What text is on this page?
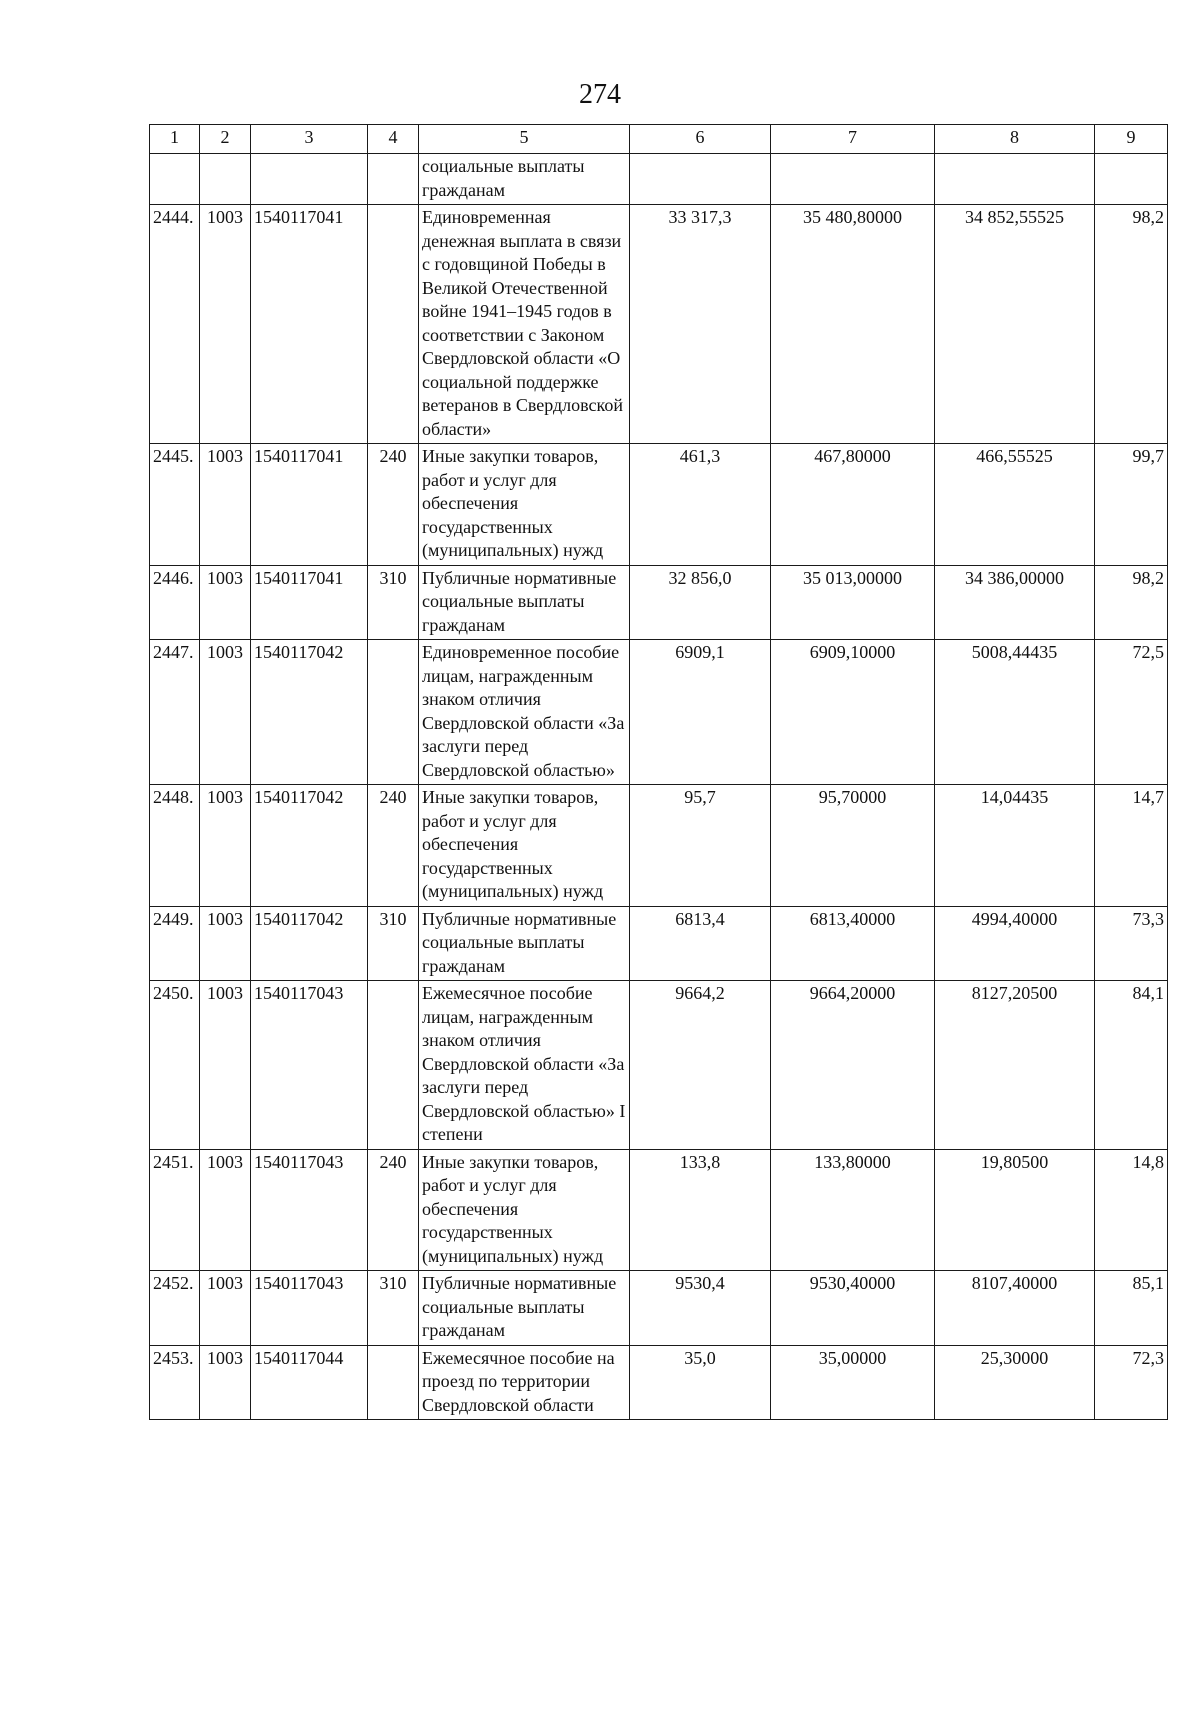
274
1	2	3	4	5	6	7	8	9
				социальные выплаты гражданам				
2444.	1003	1540117041		Единовременная денежная выплата в связи с годовщиной Победы в Великой Отечественной войне 1941–1945 годов в соответствии с Законом Свердловской области «О социальной поддержке ветеранов в Свердловской области»	33 317,3	35 480,80000	34 852,55525	98,2
2445.	1003	1540117041	240	Иные закупки товаров, работ и услуг для обеспечения государственных (муниципальных) нужд	461,3	467,80000	466,55525	99,7
2446.	1003	1540117041	310	Публичные нормативные социальные выплаты гражданам	32 856,0	35 013,00000	34 386,00000	98,2
2447.	1003	1540117042		Единовременное пособие лицам, награжденным знаком отличия Свердловской области «За заслуги перед Свердловской областью»	6909,1	6909,10000	5008,44435	72,5
2448.	1003	1540117042	240	Иные закупки товаров, работ и услуг для обеспечения государственных (муниципальных) нужд	95,7	95,70000	14,04435	14,7
2449.	1003	1540117042	310	Публичные нормативные социальные выплаты гражданам	6813,4	6813,40000	4994,40000	73,3
2450.	1003	1540117043		Ежемесячное пособие лицам, награжденным знаком отличия Свердловской области «За заслуги перед Свердловской областью» I степени	9664,2	9664,20000	8127,20500	84,1
2451.	1003	1540117043	240	Иные закупки товаров, работ и услуг для обеспечения государственных (муниципальных) нужд	133,8	133,80000	19,80500	14,8
2452.	1003	1540117043	310	Публичные нормативные социальные выплаты гражданам	9530,4	9530,40000	8107,40000	85,1
2453.	1003	1540117044		Ежемесячное пособие на проезд по территории Свердловской области	35,0	35,00000	25,30000	72,3
